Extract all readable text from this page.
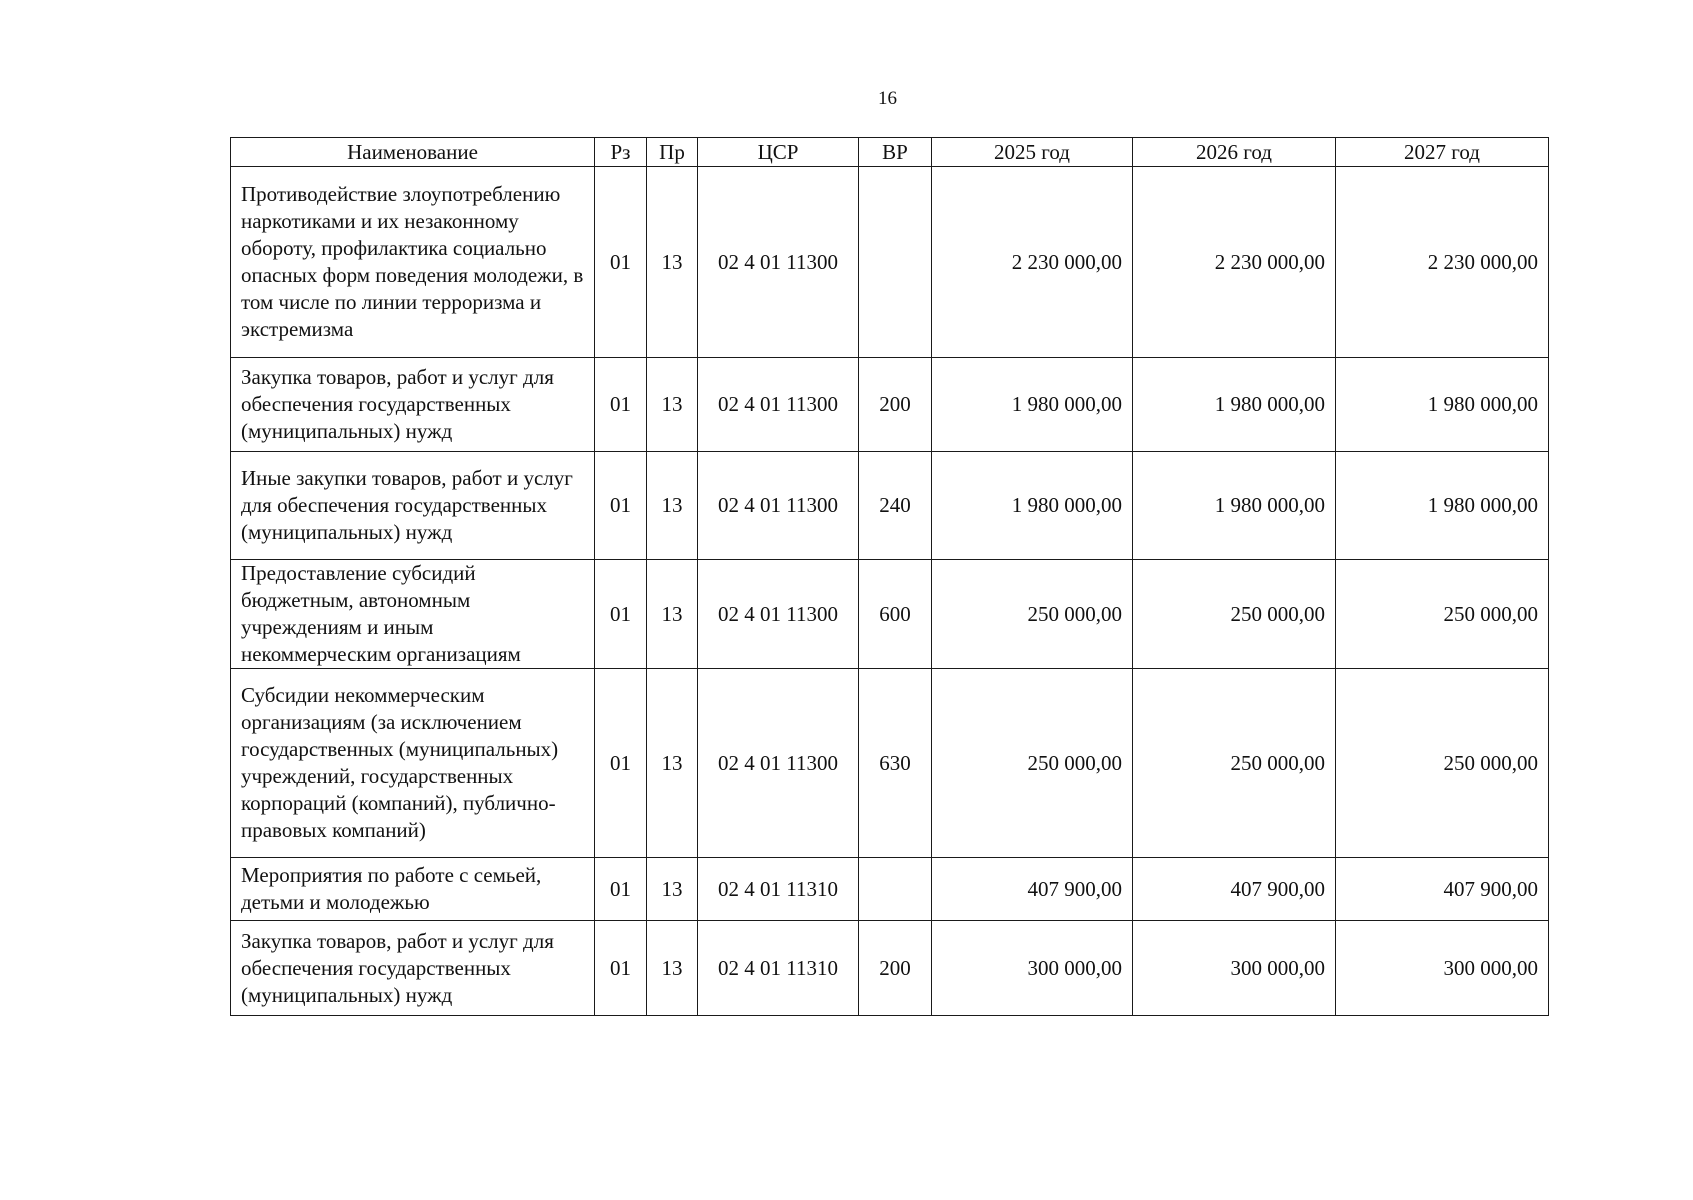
16
Наименование	Рз	Пр	ЦСР	ВР	2025 год	2026 год	2027 год
Противодействие злоупотреблению наркотиками и их незаконному обороту, профилактика социально опасных форм поведения молодежи, в том числе по линии терроризма и экстремизма	01	13	02 4 01 11300		2 230 000,00	2 230 000,00	2 230 000,00
Закупка товаров, работ и услуг для обеспечения государственных (муниципальных) нужд	01	13	02 4 01 11300	200	1 980 000,00	1 980 000,00	1 980 000,00
Иные закупки товаров, работ и услуг для обеспечения государственных (муниципальных) нужд	01	13	02 4 01 11300	240	1 980 000,00	1 980 000,00	1 980 000,00
Предоставление субсидий бюджетным, автономным учреждениям и иным некоммерческим организациям	01	13	02 4 01 11300	600	250 000,00	250 000,00	250 000,00
Субсидии некоммерческим организациям (за исключением государственных (муниципальных) учреждений, государственных корпораций (компаний), публично-правовых компаний)	01	13	02 4 01 11300	630	250 000,00	250 000,00	250 000,00
Мероприятия по работе с семьей, детьми и молодежью	01	13	02 4 01 11310		407 900,00	407 900,00	407 900,00
Закупка товаров, работ и услуг для обеспечения государственных (муниципальных) нужд	01	13	02 4 01 11310	200	300 000,00	300 000,00	300 000,00
